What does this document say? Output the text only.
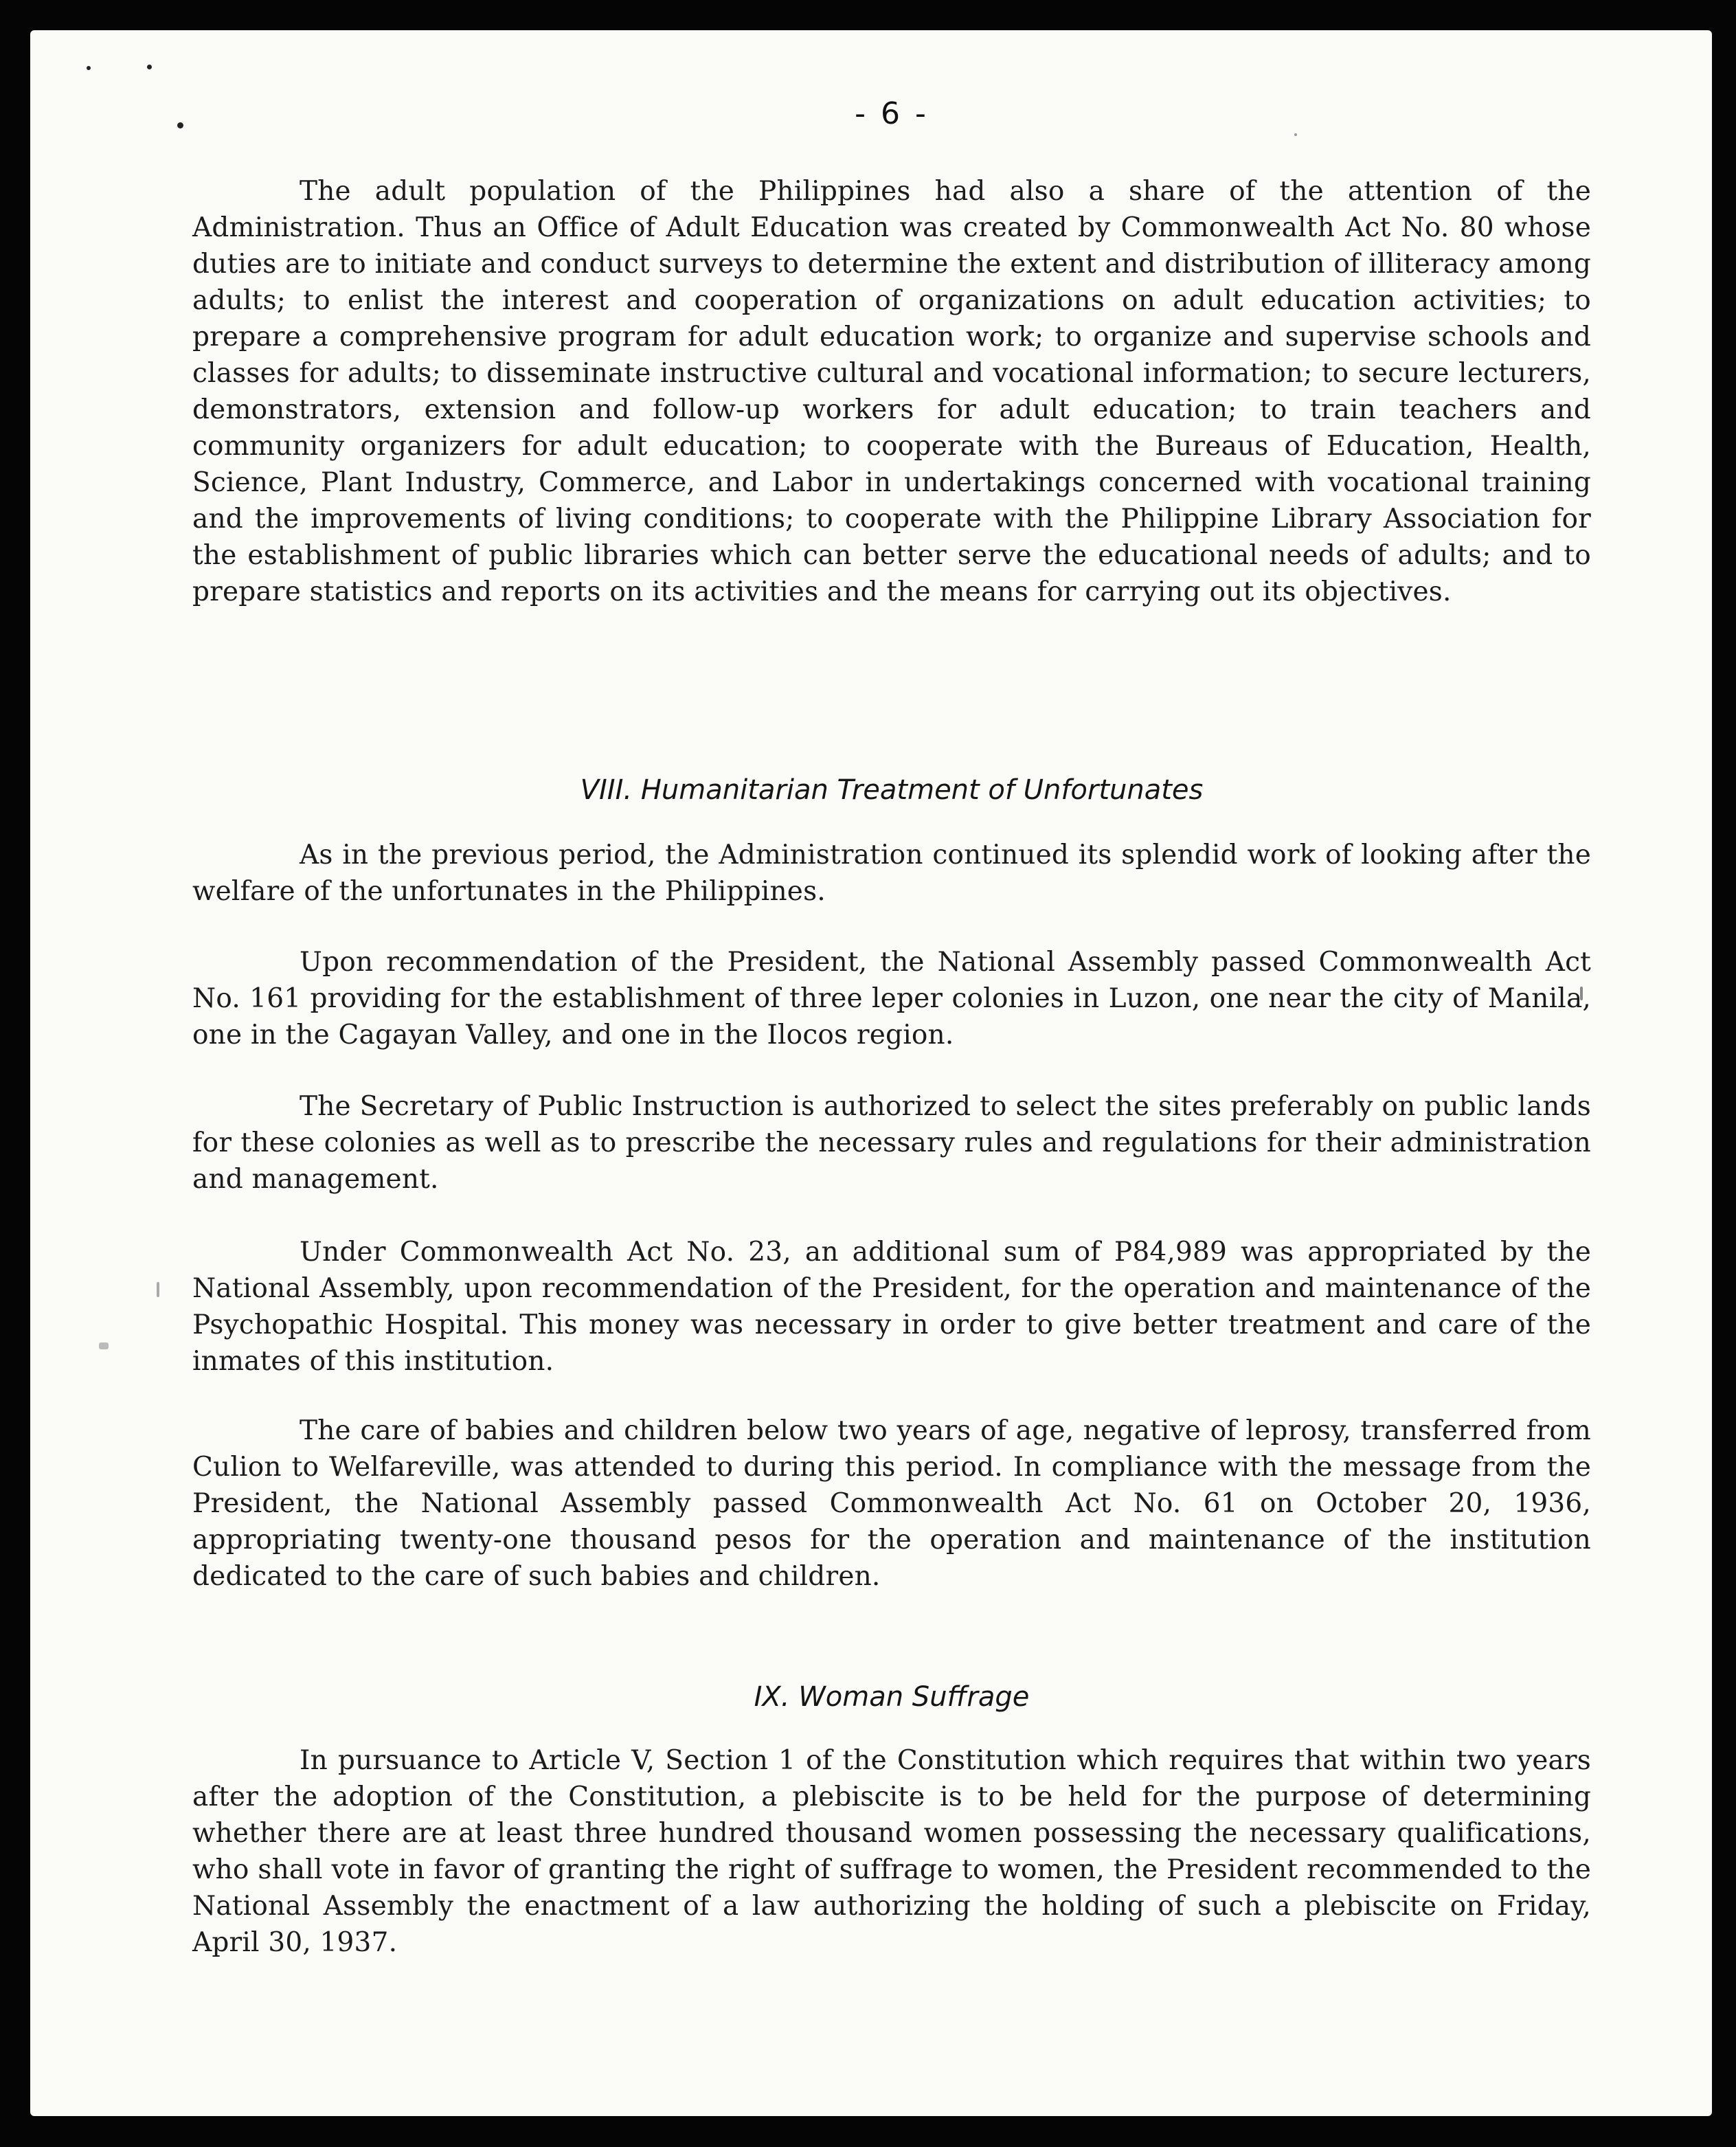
- 6 -

The adult population of the Philippines had also a share of the attention of the Administration. Thus an Office of Adult Education was created by Commonwealth Act No. 80 whose duties are to initiate and conduct surveys to determine the extent and distribution of illiteracy among adults; to enlist the interest and cooperation of organizations on adult education activities; to prepare a comprehensive program for adult education work; to organize and supervise schools and classes for adults; to disseminate instructive cultural and vocational information; to secure lecturers, demonstrators, extension and follow-up workers for adult education; to train teachers and community organizers for adult education; to cooperate with the Bureaus of Education, Health, Science, Plant Industry, Commerce, and Labor in undertakings concerned with vocational training and the improvements of living conditions; to cooperate with the Philippine Library Association for the establishment of public libraries which can better serve the educational needs of adults; and to prepare statistics and reports on its activities and the means for carrying out its objectives.

VIII. Humanitarian Treatment of Unfortunates

As in the previous period, the Administration continued its splendid work of looking after the welfare of the unfortunates in the Philippines.

Upon recommendation of the President, the National Assembly passed Commonwealth Act No. 161 providing for the establishment of three leper colonies in Luzon, one near the city of Manila, one in the Cagayan Valley, and one in the Ilocos region.

The Secretary of Public Instruction is authorized to select the sites preferably on public lands for these colonies as well as to prescribe the necessary rules and regulations for their administration and management.

Under Commonwealth Act No. 23, an additional sum of P84,989 was appropriated by the National Assembly, upon recommendation of the President, for the operation and maintenance of the Psychopathic Hospital. This money was necessary in order to give better treatment and care of the inmates of this institution.

The care of babies and children below two years of age, negative of leprosy, transferred from Culion to Welfareville, was attended to during this period. In compliance with the message from the President, the National Assembly passed Commonwealth Act No. 61 on October 20, 1936, appropriating twenty-one thousand pesos for the operation and maintenance of the institution dedicated to the care of such babies and children.

IX. Woman Suffrage

In pursuance to Article V, Section 1 of the Constitution which requires that within two years after the adoption of the Constitution, a plebiscite is to be held for the purpose of determining whether there are at least three hundred thousand women possessing the necessary qualifications, who shall vote in favor of granting the right of suffrage to women, the President recommended to the National Assembly the enactment of a law authorizing the holding of such a plebiscite on Friday, April 30, 1937.
